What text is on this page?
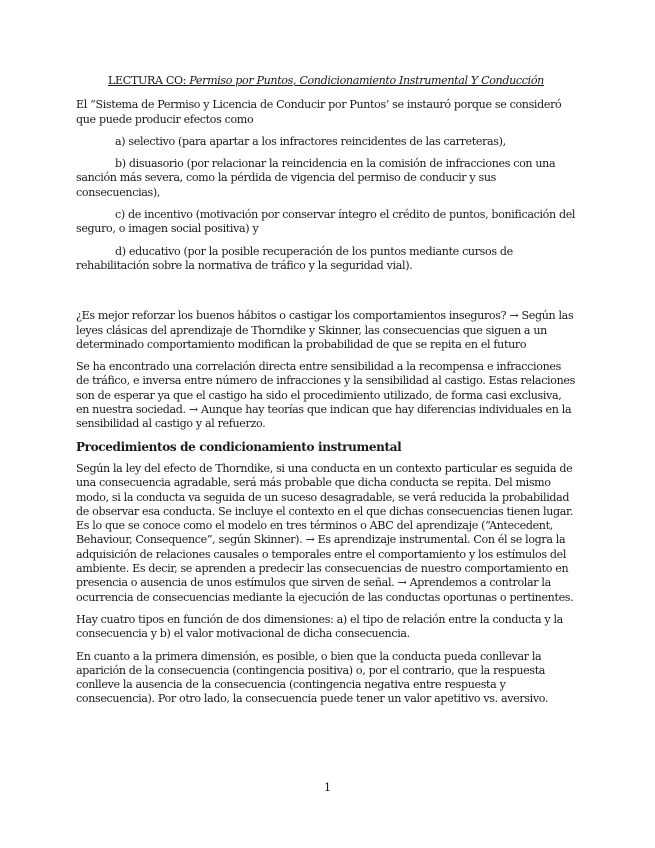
LECTURA CO: Permiso por Puntos, Condicionamiento Instrumental Y Conducción

El “Sistema de Permiso y Licencia de Conducir por Puntos’ se instauró porque se consideró que puede producir efectos como

a) selectivo (para apartar a los infractores reincidentes de las carreteras),

b) disuasorio (por relacionar la reincidencia en la comisión de infracciones con una sanción más severa, como la pérdida de vigencia del permiso de conducir y sus consecuencias),

c) de incentivo (motivación por conservar íntegro el crédito de puntos, bonificación del seguro, o imagen social positiva) y

d) educativo (por la posible recuperación de los puntos mediante cursos de rehabilitación sobre la normativa de tráfico y la seguridad vial).

¿Es mejor reforzar los buenos hábitos o castigar los comportamientos inseguros? → Según las leyes clásicas del aprendizaje de Thorndike y Skinner, las consecuencias que siguen a un determinado comportamiento modifican la probabilidad de que se repita en el futuro

Se ha encontrado una correlación directa entre sensibilidad a la recompensa e infracciones de tráfico, e inversa entre número de infracciones y la sensibilidad al castigo. Estas relaciones son de esperar ya que el castigo ha sido el procedimiento utilizado, de forma casi exclusiva, en nuestra sociedad. → Aunque hay teorías que indican que hay diferencias individuales en la sensibilidad al castigo y al refuerzo.

Procedimientos de condicionamiento instrumental

Según la ley del efecto de Thorndike, si una conducta en un contexto particular es seguida de una consecuencia agradable, será más probable que dicha conducta se repita. Del mismo modo, si la conducta va seguida de un suceso desagradable, se verá reducida la probabilidad de observar esa conducta. Se incluye el contexto en el que dichas consecuencias tienen lugar. Es lo que se conoce como el modelo en tres términos o ABC del aprendizaje (“Antecedent, Behaviour, Consequence”, según Skinner). → Es aprendizaje instrumental. Con él se logra la adquisición de relaciones causales o temporales entre el comportamiento y los estímulos del ambiente. Es decir, se aprenden a predecir las consecuencias de nuestro comportamiento en presencia o ausencia de unos estímulos que sirven de señal. → Aprendemos a controlar la ocurrencia de consecuencias mediante la ejecución de las conductas oportunas o pertinentes.

Hay cuatro tipos en función de dos dimensiones: a) el tipo de relación entre la conducta y la consecuencia y b) el valor motivacional de dicha consecuencia.

En cuanto a la primera dimensión, es posible, o bien que la conducta pueda conllevar la aparición de la consecuencia (contingencia positiva) o, por el contrario, que la respuesta conlleve la ausencia de la consecuencia (contingencia negativa entre respuesta y consecuencia). Por otro lado, la consecuencia puede tener un valor apetitivo vs. aversivo.

1
